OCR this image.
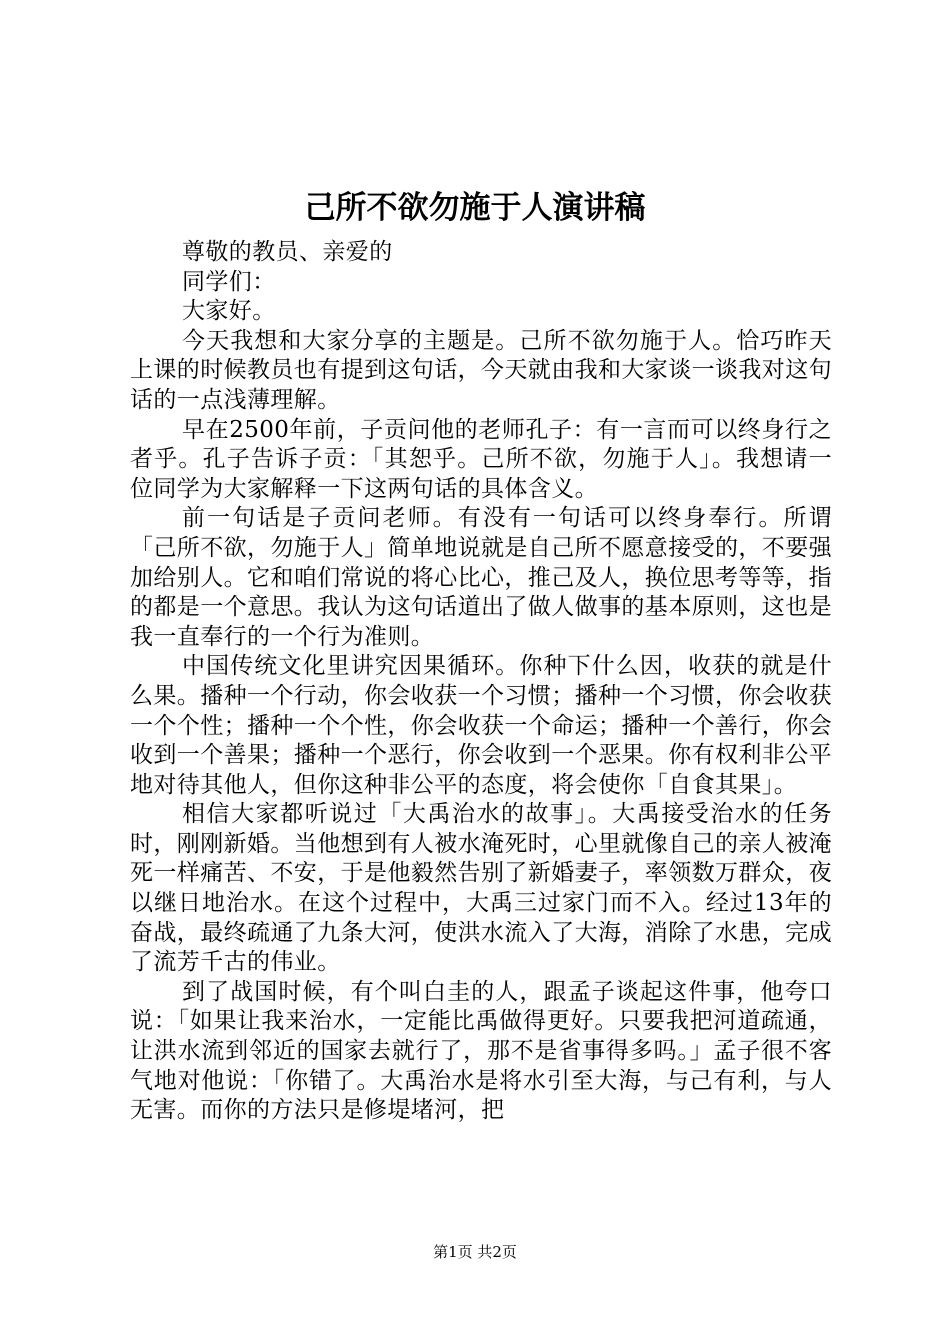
己所不欲勿施于人演讲稿

尊敬的教员、亲爱的

同学们：

大家好。

今天我想和大家分享的主题是。己所不欲勿施于人。恰巧昨天上课的时候教员也有提到这句话，今天就由我和大家谈一谈我对这句话的一点浅薄理解。

早在2500年前，子贡问他的老师孔子：有一言而可以终身行之者乎。孔子告诉子贡：「其恕乎。己所不欲，勿施于人」。我想请一位同学为大家解释一下这两句话的具体含义。

前一句话是子贡问老师。有没有一句话可以终身奉行。所谓「己所不欲，勿施于人」简单地说就是自己所不愿意接受的，不要强加给别人。它和咱们常说的将心比心，推己及人，换位思考等等，指的都是一个意思。我认为这句话道出了做人做事的基本原则，这也是我一直奉行的一个行为准则。

中国传统文化里讲究因果循环。你种下什么因，收获的就是什么果。播种一个行动，你会收获一个习惯；播种一个习惯，你会收获一个个性；播种一个个性，你会收获一个命运；播种一个善行，你会收到一个善果；播种一个恶行，你会收到一个恶果。你有权利非公平地对待其他人，但你这种非公平的态度，将会使你「自食其果」。

相信大家都听说过「大禹治水的故事」。大禹接受治水的任务时，刚刚新婚。当他想到有人被水淹死时，心里就像自己的亲人被淹死一样痛苦、不安，于是他毅然告别了新婚妻子，率领数万群众，夜以继日地治水。在这个过程中，大禹三过家门而不入。经过13年的奋战，最终疏通了九条大河，使洪水流入了大海，消除了水患，完成了流芳千古的伟业。

到了战国时候，有个叫白圭的人，跟孟子谈起这件事，他夸口说：「如果让我来治水，一定能比禹做得更好。只要我把河道疏通，让洪水流到邻近的国家去就行了，那不是省事得多吗。」孟子很不客气地对他说：「你错了。大禹治水是将水引至大海，与己有利，与人无害。而你的方法只是修堤堵河，把

第1页 共2页
